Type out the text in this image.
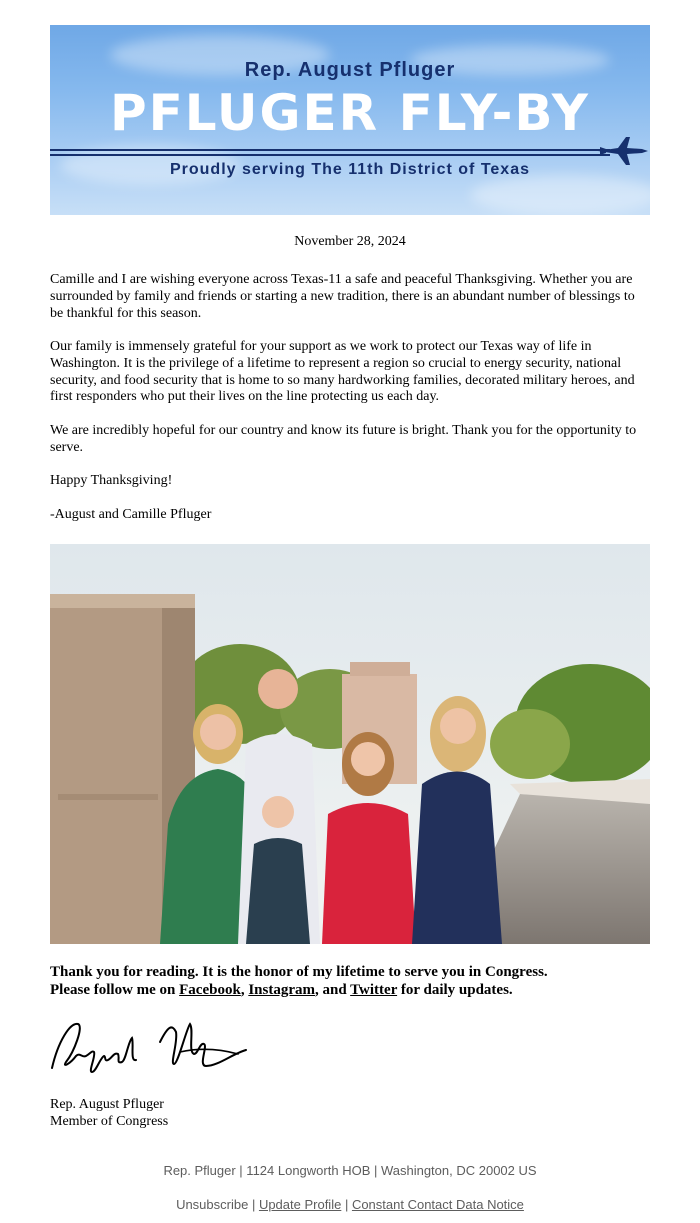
Rep. August Pfluger
PFLUGER FLY-BY
Proudly serving The 11th District of Texas
November 28, 2024
Camille and I are wishing everyone across Texas-11 a safe and peaceful Thanksgiving. Whether you are surrounded by family and friends or starting a new tradition, there is an abundant number of blessings to be thankful for this season.
Our family is immensely grateful for your support as we work to protect our Texas way of life in Washington. It is the privilege of a lifetime to represent a region so crucial to energy security, national security, and food security that is home to so many hardworking families, decorated military heroes, and first responders who put their lives on the line protecting us each day.
We are incredibly hopeful for our country and know its future is bright. Thank you for the opportunity to serve.
Happy Thanksgiving!
-August and Camille Pfluger
Thank you for reading. It is the honor of my lifetime to serve you in Congress.
Please follow me on Facebook, Instagram, and Twitter for daily updates.
Rep. August Pfluger
Member of Congress
Rep. Pfluger | 1124 Longworth HOB | Washington, DC 20002 US
Unsubscribe | Update Profile | Constant Contact Data Notice
